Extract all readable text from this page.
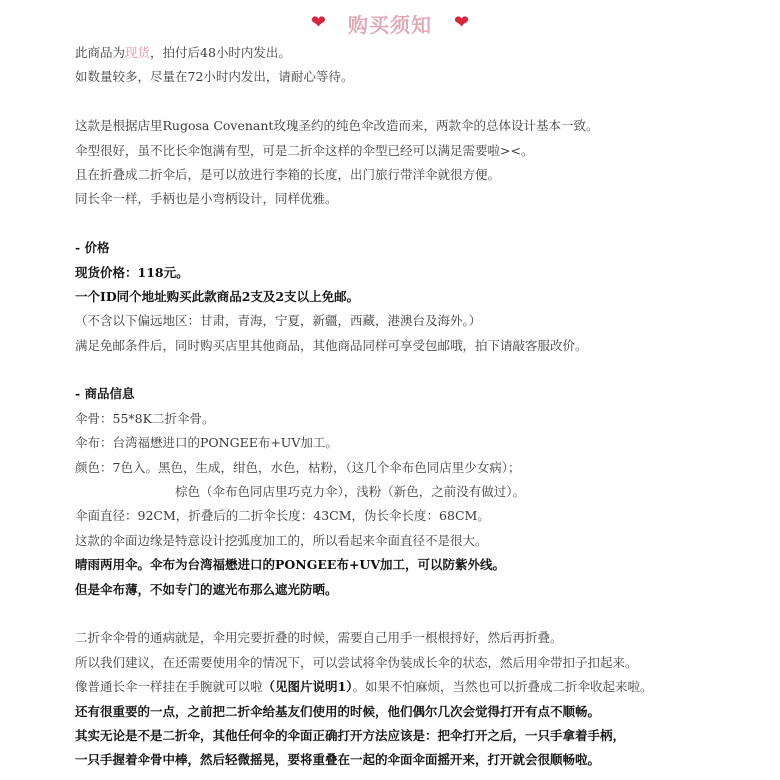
❤ 购买须知 ❤
此商品为现货，拍付后48小时内发出。
如数量较多，尽量在72小时内发出，请耐心等待。
这款是根据店里Rugosa Covenant玫瑰圣约的纯色伞改造而来，两款伞的总体设计基本一致。
伞型很好，虽不比长伞饱满有型，可是二折伞这样的伞型已经可以满足需要啦><。
且在折叠成二折伞后，是可以放进行李箱的长度，出门旅行带洋伞就很方便。
同长伞一样，手柄也是小弯柄设计，同样优雅。
- 价格
现货价格：118元。
一个ID同个地址购买此款商品2支及2支以上免邮。
（不含以下偏远地区：甘肃，青海，宁夏，新疆，西藏，港澳台及海外。）
满足免邮条件后，同时购买店里其他商品，其他商品同样可享受包邮哦，拍下请敲客服改价。
- 商品信息
伞骨：55*8K二折伞骨。
伞布：台湾福懋进口的PONGEE布+UV加工。
颜色：7色入。黑色，生成，绀色，水色，枯粉，（这几个伞布色同店里少女病）；
棕色（伞布色同店里巧克力伞），浅粉（新色，之前没有做过）。
伞面直径：92CM，折叠后的二折伞长度：43CM，伪长伞长度：68CM。
这款的伞面边缘是特意设计挖弧度加工的，所以看起来伞面直径不是很大。
晴雨两用伞。伞布为台湾福懋进口的PONGEE布+UV加工，可以防紫外线。
但是伞布薄，不如专门的遮光布那么遮光防晒。
二折伞伞骨的通病就是，伞用完要折叠的时候，需要自己用手一根根捋好，然后再折叠。
所以我们建议，在还需要使用伞的情况下，可以尝试将伞伪装成长伞的状态，然后用伞带扣子扣起来。
像普通长伞一样挂在手腕就可以啦（见图片说明1）。如果不怕麻烦，当然也可以折叠成二折伞收起来啦。
还有很重要的一点，之前把二折伞给基友们使用的时候，他们偶尔几次会觉得打开有点不顺畅。
其实无论是不是二折伞，其他任何伞的伞面正确打开方法应该是：把伞打开之后，一只手拿着手柄，
一只手握着伞骨中棒，然后轻微摇晃，要将重叠在一起的伞面伞面摇开来，打开就会很顺畅啦。
